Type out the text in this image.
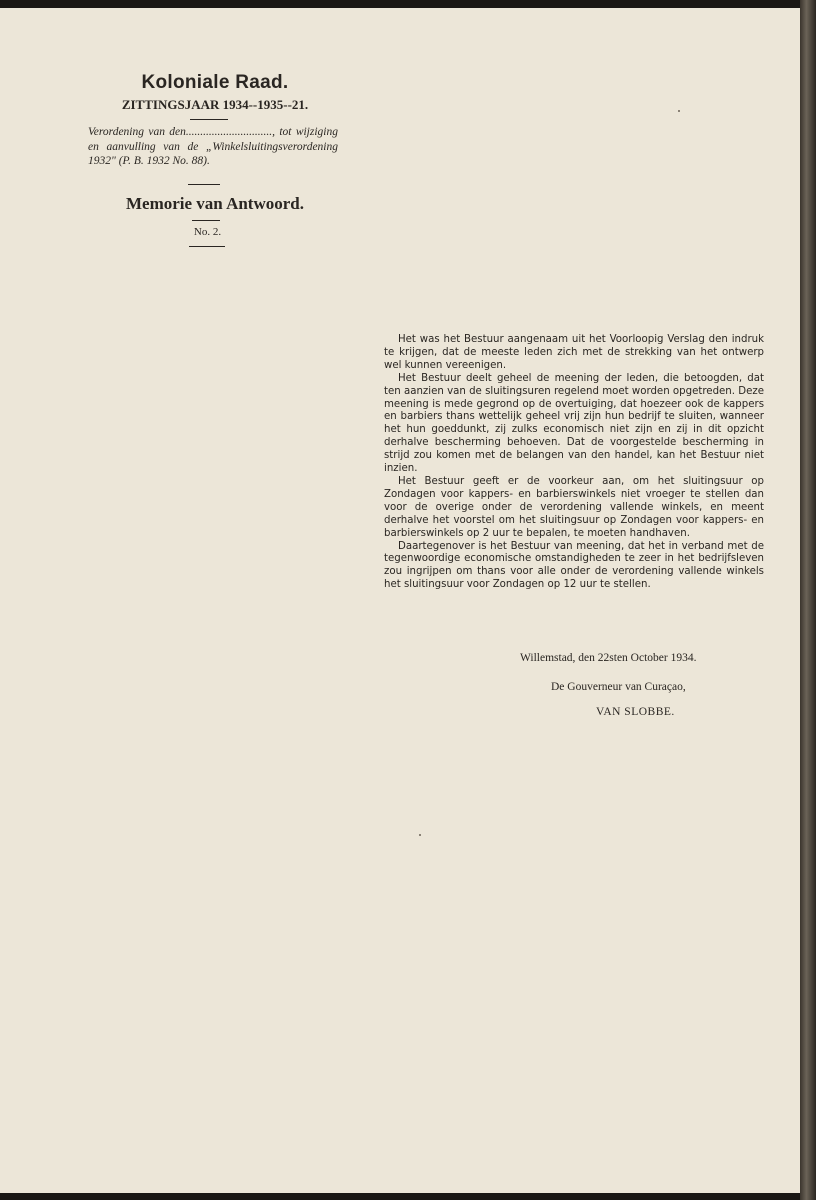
Koloniale Raad.
ZITTINGSJAAR 1934--1935--21.
Verordening van den.............................., tot wijziging en aanvulling van de „Winkelsluitingsverordening 1932" (P. B. 1932 No. 88).
Memorie van Antwoord.
No. 2.

Het was het Bestuur aangenaam uit het Voorloopig Verslag den indruk te krijgen, dat de meeste leden zich met de strekking van het ontwerp wel kunnen vereenigen.

Het Bestuur deelt geheel de meening der leden, die betoogden, dat ten aanzien van de sluitingsuren regelend moet worden opgetreden. Deze meening is mede gegrond op de overtuiging, dat hoezeer ook de kappers en barbiers thans wettelijk geheel vrij zijn hun bedrijf te sluiten, wanneer het hun goeddunkt, zij zulks economisch niet zijn en zij in dit opzicht derhalve bescherming behoeven. Dat de voorgestelde bescherming in strijd zou komen met de belangen van den handel, kan het Bestuur niet inzien.

Het Bestuur geeft er de voorkeur aan, om het sluitingsuur op Zondagen voor kappers- en barbierswinkels niet vroeger te stellen dan voor de overige onder de verordening vallende winkels, en meent derhalve het voorstel om het sluitingsuur op Zondagen voor kappers- en barbierswinkels op 2 uur te bepalen, te moeten handhaven.

Daartegenover is het Bestuur van meening, dat het in verband met de tegenwoordige economische omstandigheden te zeer in het bedrijfsleven zou ingrijpen om thans voor alle onder de verordening vallende winkels het sluitingsuur voor Zondagen op 12 uur te stellen.

Willemstad, den 22sten October 1934.
De Gouverneur van Curaçao,
VAN SLOBBE.
